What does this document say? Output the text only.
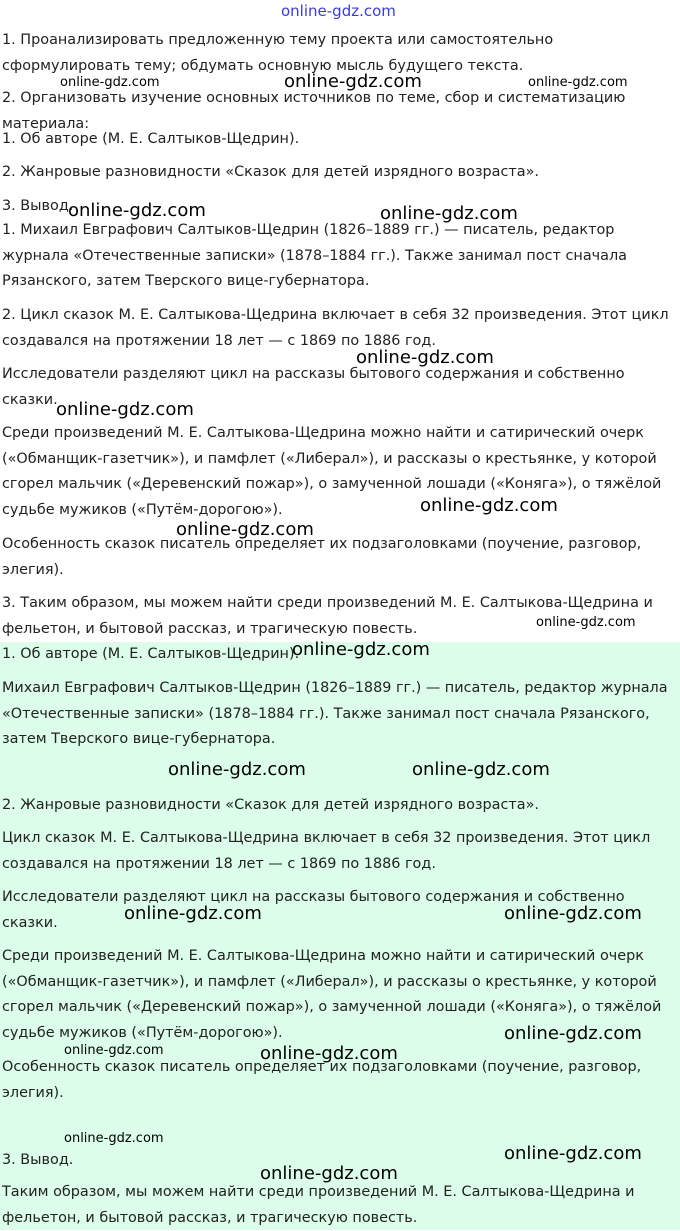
1. Проанализировать предложенную тему проекта или самостоятельно сформулировать тему; обдумать основную мысль будущего текста.

2. Организовать изучение основных источников по теме, сбор и систематизацию материала:

1. Об авторе (М. Е. Салтыков-Щедрин).

2. Жанровые разновидности «Сказок для детей изрядного возраста».

3. Вывод.

1. Михаил Евграфович Салтыков-Щедрин (1826–1889 гг.) — писатель, редактор журнала «Отечественные записки» (1878–1884 гг.). Также занимал пост сначала Рязанского, затем Тверского вице-губернатора.

2. Цикл сказок М. Е. Салтыкова-Щедрина включает в себя 32 произведения. Этот цикл создавался на протяжении 18 лет — с 1869 по 1886 год.

Исследователи разделяют цикл на рассказы бытового содержания и собственно сказки.

Среди произведений М. Е. Салтыкова-Щедрина можно найти и сатирический очерк («Обманщик-газетчик»), и памфлет («Либерал»), и рассказы о крестьянке, у которой сгорел мальчик («Деревенский пожар»), о замученной лошади («Коняга»), о тяжёлой судьбе мужиков («Путём-дорогою»).

Особенность сказок писатель определяет их подзаголовками (поучение, разговор, элегия).

3. Таким образом, мы можем найти среди произведений М. Е. Салтыкова-Щедрина и фельетон, и бытовой рассказ, и трагическую повесть.

1. Об авторе (М. Е. Салтыков-Щедрин).

Михаил Евграфович Салтыков-Щедрин (1826–1889 гг.) — писатель, редактор журнала «Отечественные записки» (1878–1884 гг.). Также занимал пост сначала Рязанского, затем Тверского вице-губернатора.

2. Жанровые разновидности «Сказок для детей изрядного возраста».

Цикл сказок М. Е. Салтыкова-Щедрина включает в себя 32 произведения. Этот цикл создавался на протяжении 18 лет — с 1869 по 1886 год.

Исследователи разделяют цикл на рассказы бытового содержания и собственно сказки.

Среди произведений М. Е. Салтыкова-Щедрина можно найти и сатирический очерк («Обманщик-газетчик»), и памфлет («Либерал»), и рассказы о крестьянке, у которой сгорел мальчик («Деревенский пожар»), о замученной лошади («Коняга»), о тяжёлой судьбе мужиков («Путём-дорогою»).

Особенность сказок писатель определяет их подзаголовками (поучение, разговор, элегия).

3. Вывод.

Таким образом, мы можем найти среди произведений М. Е. Салтыкова-Щедрина и фельетон, и бытовой рассказ, и трагическую повесть.

online-gdz.com
online-gdz.com	online-gdz.com	online-gdz.com
online-gdz.com	online-gdz.com
online-gdz.com
online-gdz.com
online-gdz.com
online-gdz.com
online-gdz.com
online-gdz.com
online-gdz.com	online-gdz.com
online-gdz.com	online-gdz.com
online-gdz.com
online-gdz.com	online-gdz.com
online-gdz.com
online-gdz.com
online-gdz.com
